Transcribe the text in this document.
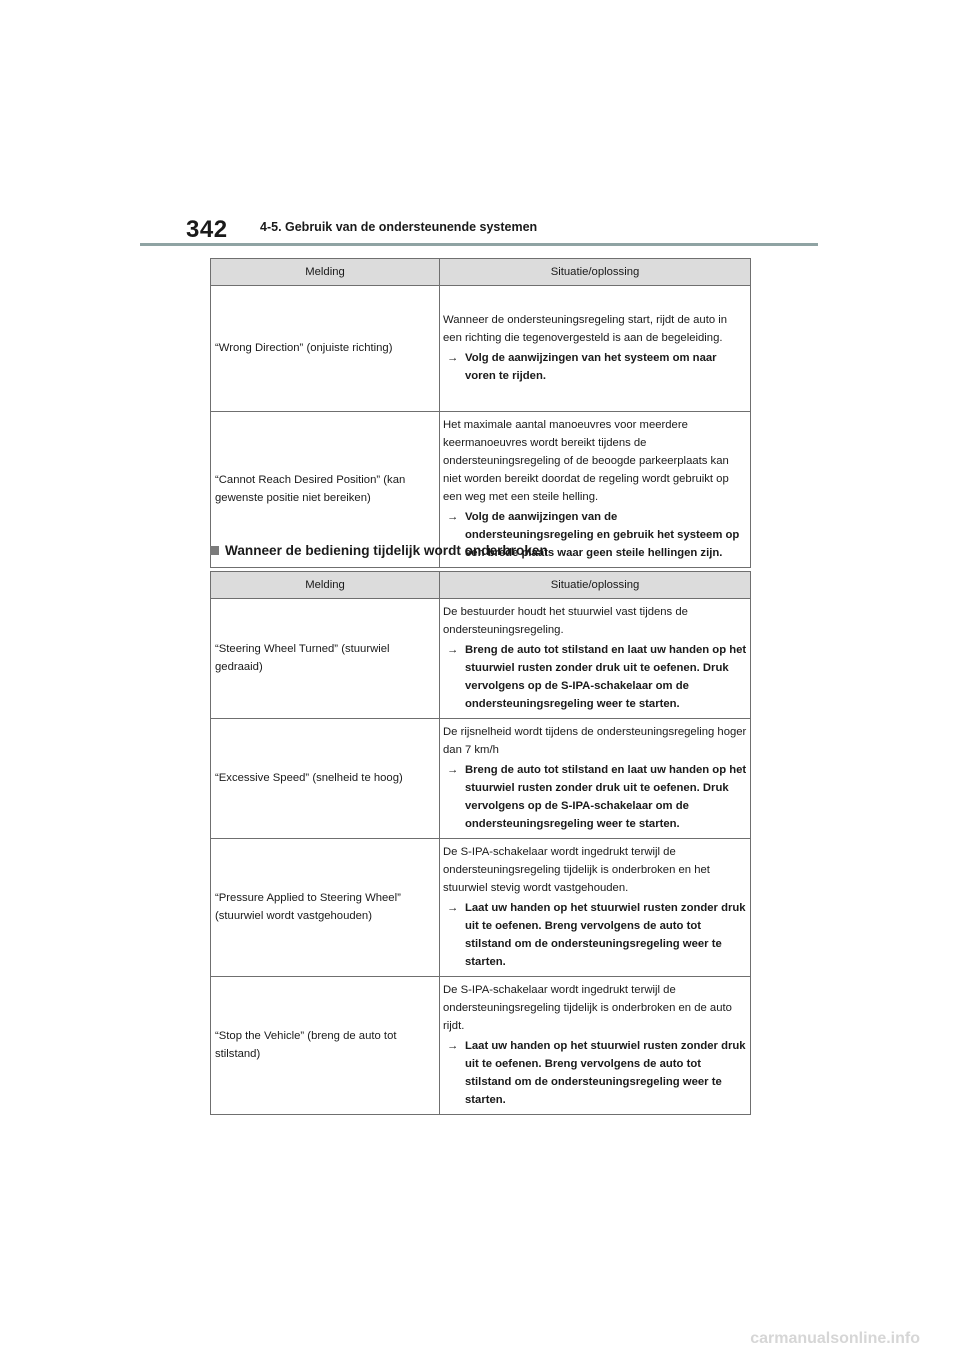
342	4-5. Gebruik van de ondersteunende systemen
Melding	Situatie/oplossing
“Wrong Direction” (onjuiste richting)	Wanneer de ondersteuningsregeling start, rijdt de auto in een richting die tegenovergesteld is aan de begeleiding.
→ Volg de aanwijzingen van het systeem om naar voren te rijden.

“Cannot Reach Desired Position” (kan gewenste positie niet bereiken)	Het maximale aantal manoeuvres voor meerdere keermanoeuvres wordt bereikt tijdens de ondersteuningsregeling of de beoogde parkeerplaats kan niet worden bereikt doordat de regeling wordt gebruikt op een weg met een steile helling.
→ Volg de aanwijzingen van de ondersteuningsregeling en gebruik het systeem op een brede plaats waar geen steile hellingen zijn.
Wanneer de bediening tijdelijk wordt onderbroken
Melding	Situatie/oplossing
“Steering Wheel Turned” (stuurwiel gedraaid)	De bestuurder houdt het stuurwiel vast tijdens de ondersteuningsregeling.
→ Breng de auto tot stilstand en laat uw handen op het stuurwiel rusten zonder druk uit te oefenen. Druk vervolgens op de S-IPA-schakelaar om de ondersteuningsregeling weer te starten.

“Excessive Speed” (snelheid te hoog)	De rijsnelheid wordt tijdens de ondersteuningsregeling hoger dan 7 km/h
→ Breng de auto tot stilstand en laat uw handen op het stuurwiel rusten zonder druk uit te oefenen. Druk vervolgens op de S-IPA-schakelaar om de ondersteuningsregeling weer te starten.

“Pressure Applied to Steering Wheel” (stuurwiel wordt vastgehouden)	De S-IPA-schakelaar wordt ingedrukt terwijl de ondersteuningsregeling tijdelijk is onderbroken en het stuurwiel stevig wordt vastgehouden.
→ Laat uw handen op het stuurwiel rusten zonder druk uit te oefenen. Breng vervolgens de auto tot stilstand om de ondersteuningsregeling weer te starten.

“Stop the Vehicle” (breng de auto tot stilstand)	De S-IPA-schakelaar wordt ingedrukt terwijl de ondersteuningsregeling tijdelijk is onderbroken en de auto rijdt.
→ Laat uw handen op het stuurwiel rusten zonder druk uit te oefenen. Breng vervolgens de auto tot stilstand om de ondersteuningsregeling weer te starten.
carmanualsonline.info
